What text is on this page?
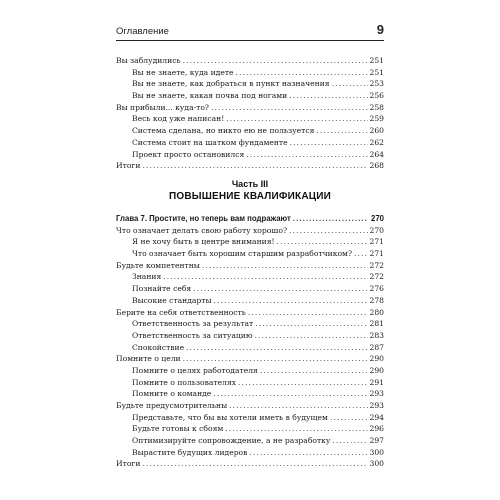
Оглавление	9
Вы заблудились .....	251
Вы не знаете, куда идете .....	251
Вы не знаете, как добраться в пункт назначения .....	253
Вы не знаете, какая почва под ногами .....	256
Вы прибыли... куда-то? .....	258
Весь код уже написан! .....	259
Система сделана, но никто ею не пользуется .....	260
Система стоит на шатком фундаменте .....	262
Проект просто остановился .....	264
Итоги .....	268
Часть III
ПОВЫШЕНИЕ КВАЛИФИКАЦИИ
Глава 7. Простите, но теперь вам подражают .....	270
Что означает делать свою работу хорошо? .....	270
Я не хочу быть в центре внимания! .....	271
Что означает быть хорошим старшим разработчиком? ..... 271
Будьте компетентны .....	272
Знания .....	272
Познайте себя .....	276
Высокие стандарты .....	278
Берите на себя ответственность .....	280
Ответственность за результат .....	281
Ответственность за ситуацию .....	283
Спокойствие .....	287
Помните о цели .....	290
Помните о целях работодателя .....	290
Помните о пользователях .....	291
Помните о команде .....	293
Будьте предусмотрительны .....	293
Представьте, что бы вы хотели иметь в будущем .....	294
Будьте готовы к сбоям .....	296
Оптимизируйте сопровождение, а не разработку .....	297
Вырастите будущих лидеров .....	300
Итоги .....	300
